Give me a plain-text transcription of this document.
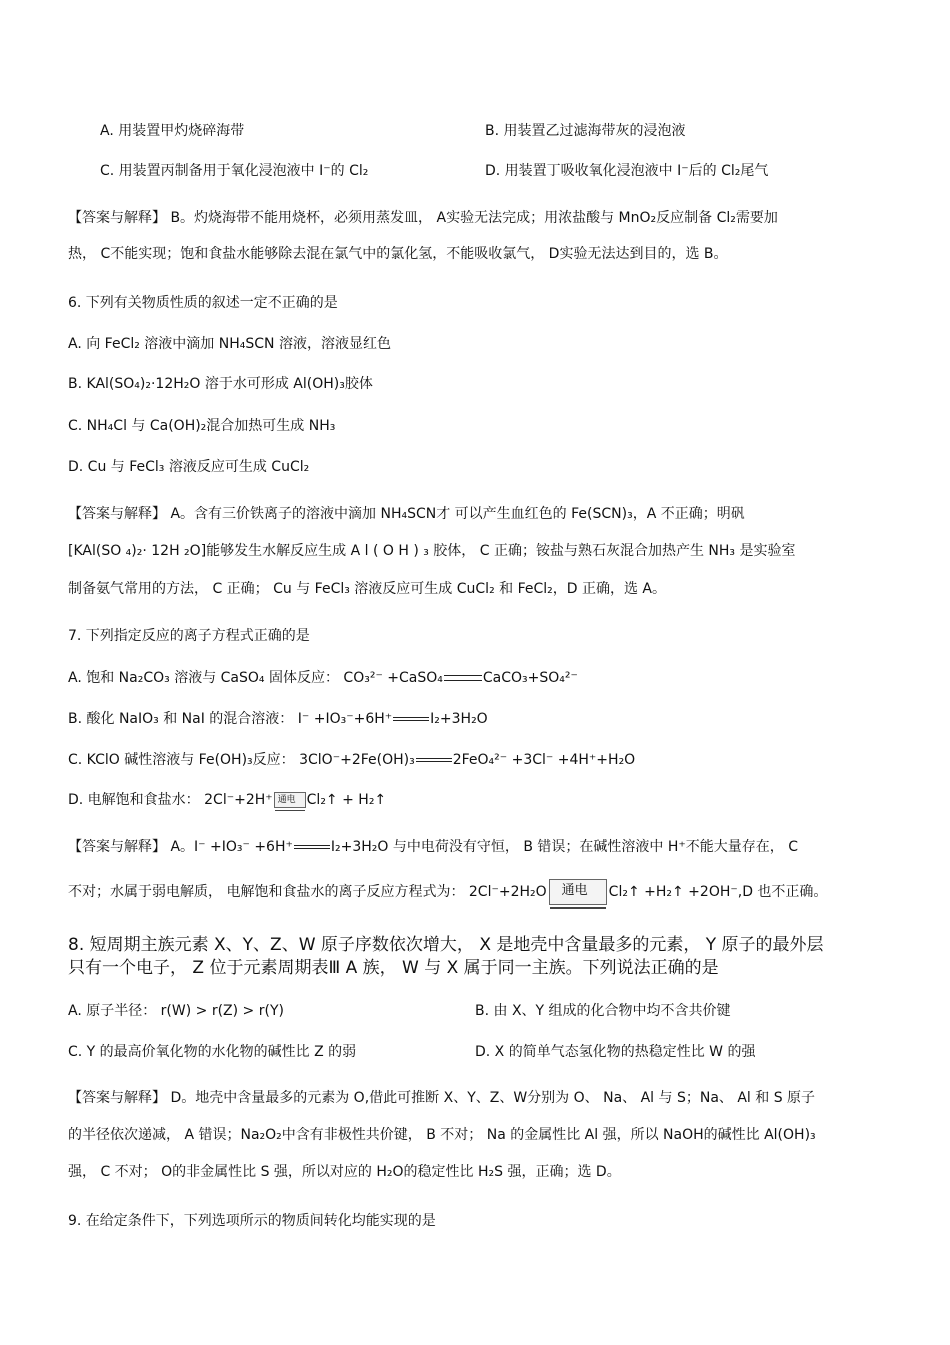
A. 用装置甲灼烧碎海带	B. 用装置乙过滤海带灰的浸泡液
C. 用装置丙制备用于氧化浸泡液中 I⁻的 Cl₂	D. 用装置丁吸收氧化浸泡液中 I⁻后的 Cl₂尾气
【答案与解释】 B。灼烧海带不能用烧杯，必须用蒸发皿， A实验无法完成；用浓盐酸与 MnO₂反应制备 Cl₂需要加
热， C不能实现；饱和食盐水能够除去混在氯气中的氯化氢，不能吸收氯气， D实验无法达到目的，选 B。
6. 下列有关物质性质的叙述一定不正确的是
A. 向 FeCl₂ 溶液中滴加 NH₄SCN 溶液，溶液显红色
B. KAl(SO₄)₂·12H₂O 溶于水可形成 Al(OH)₃胶体
C. NH₄Cl 与 Ca(OH)₂混合加热可生成 NH₃
D. Cu 与 FeCl₃ 溶液反应可生成 CuCl₂
【答案与解释】 A。含有三价铁离子的溶液中滴加 NH₄SCN才 可以产生血红色的 Fe(SCN)₃，A 不正确；明矾
[KAl(SO ₄)₂· 12H ₂O]能够发生水解反应生成 A l ( O H ) ₃ 胶体， C 正确；铵盐与熟石灰混合加热产生 NH₃ 是实验室
制备氨气常用的方法， C 正确； Cu 与 FeCl₃ 溶液反应可生成 CuCl₂ 和 FeCl₂，D 正确，选 A。
7. 下列指定反应的离子方程式正确的是
A. 饱和 Na₂CO₃ 溶液与 CaSO₄ 固体反应： CO₃²⁻ +CaSO₄	CaCO₃+SO₄²⁻
B. 酸化 NaIO₃ 和 NaI 的混合溶液： I⁻ +IO₃⁻+6H⁺	I₂+3H₂O
C. KClO 碱性溶液与 Fe(OH)₃反应： 3ClO⁻+2Fe(OH)₃	2FeO₄²⁻ +3Cl⁻ +4H⁺+H₂O
D. 电解饱和食盐水： 2Cl⁻+2H⁺ 通电 Cl₂↑ + H₂↑
【答案与解释】 A。I⁻ +IO₃⁻ +6H⁺	I₂+3H₂O 与中电荷没有守恒， B 错误；在碱性溶液中 H⁺不能大量存在， C
不对；水属于弱电解质， 电解饱和食盐水的离子反应方程式为： 2Cl⁻+2H₂O 通电 Cl₂↑ +H₂↑ +2OH⁻,D 也不正确。
8. 短周期主族元素 X、Y、Z、W 原子序数依次增大， X 是地壳中含量最多的元素， Y 原子的最外层
只有一个电子， Z 位于元素周期表Ⅲ A 族， W 与 X 属于同一主族。下列说法正确的是
A. 原子半径： r(W) > r(Z) > r(Y)	B. 由 X、Y 组成的化合物中均不含共价键
C. Y 的最高价氧化物的水化物的碱性比 Z 的弱	D. X 的简单气态氢化物的热稳定性比 W 的强
【答案与解释】 D。地壳中含量最多的元素为 O,借此可推断 X、Y、Z、W分别为 O、 Na、 Al 与 S；Na、 Al 和 S 原子
的半径依次递减， A 错误；Na₂O₂中含有非极性共价键， B 不对； Na 的金属性比 Al 强，所以 NaOH的碱性比 Al(OH)₃
强， C 不对； O的非金属性比 S 强，所以对应的 H₂O的稳定性比 H₂S 强，正确；选 D。
9. 在给定条件下，下列选项所示的物质间转化均能实现的是
